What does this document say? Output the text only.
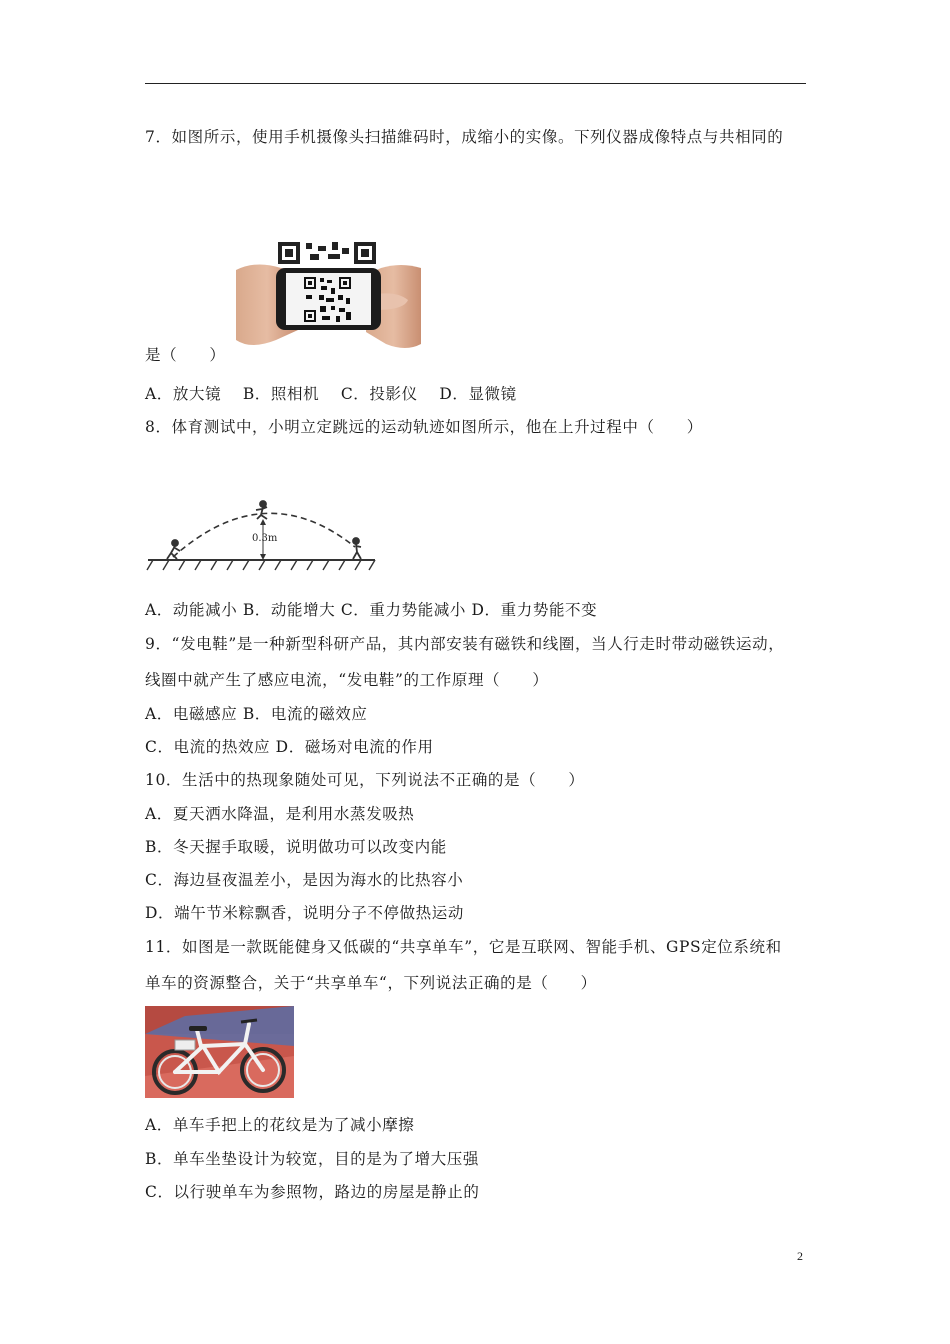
7．如图所示，使用手机摄像头扫描維码时，成缩小的实像。下列仪器成像特点与共相同的
是（　　）
A．放大镜　 B．照相机　 C．投影仪　 D．显微镜
8．体育测试中，小明立定跳远的运动轨迹如图所示，他在上升过程中（　　）
0.3m
A．动能减小 B．动能增大 C．重力势能减小 D．重力势能不变
9．“发电鞋”是一种新型科研产品，其内部安装有磁铁和线圈，当人行走时带动磁铁运动，
线圈中就产生了感应电流，“发电鞋”的工作原理（　　）
A．电磁感应 B．电流的磁效应
C．电流的热效应 D．磁场对电流的作用
10．生活中的热现象随处可见，下列说法不正确的是（　　）
A．夏天洒水降温，是利用水蒸发吸热
B．冬天握手取暖，说明做功可以改变内能
C．海边昼夜温差小，是因为海水的比热容小
D．端午节米粽飘香，说明分子不停做热运动
11．如图是一款既能健身又低碳的“共享单车”，它是互联网、智能手机、GPS定位系统和
单车的资源整合，关于“共享单车“，下列说法正确的是（　　）
A．单车手把上的花纹是为了减小摩擦
B．单车坐垫设计为较宽，目的是为了增大压强
C．以行驶单车为参照物，路边的房屋是静止的
2
